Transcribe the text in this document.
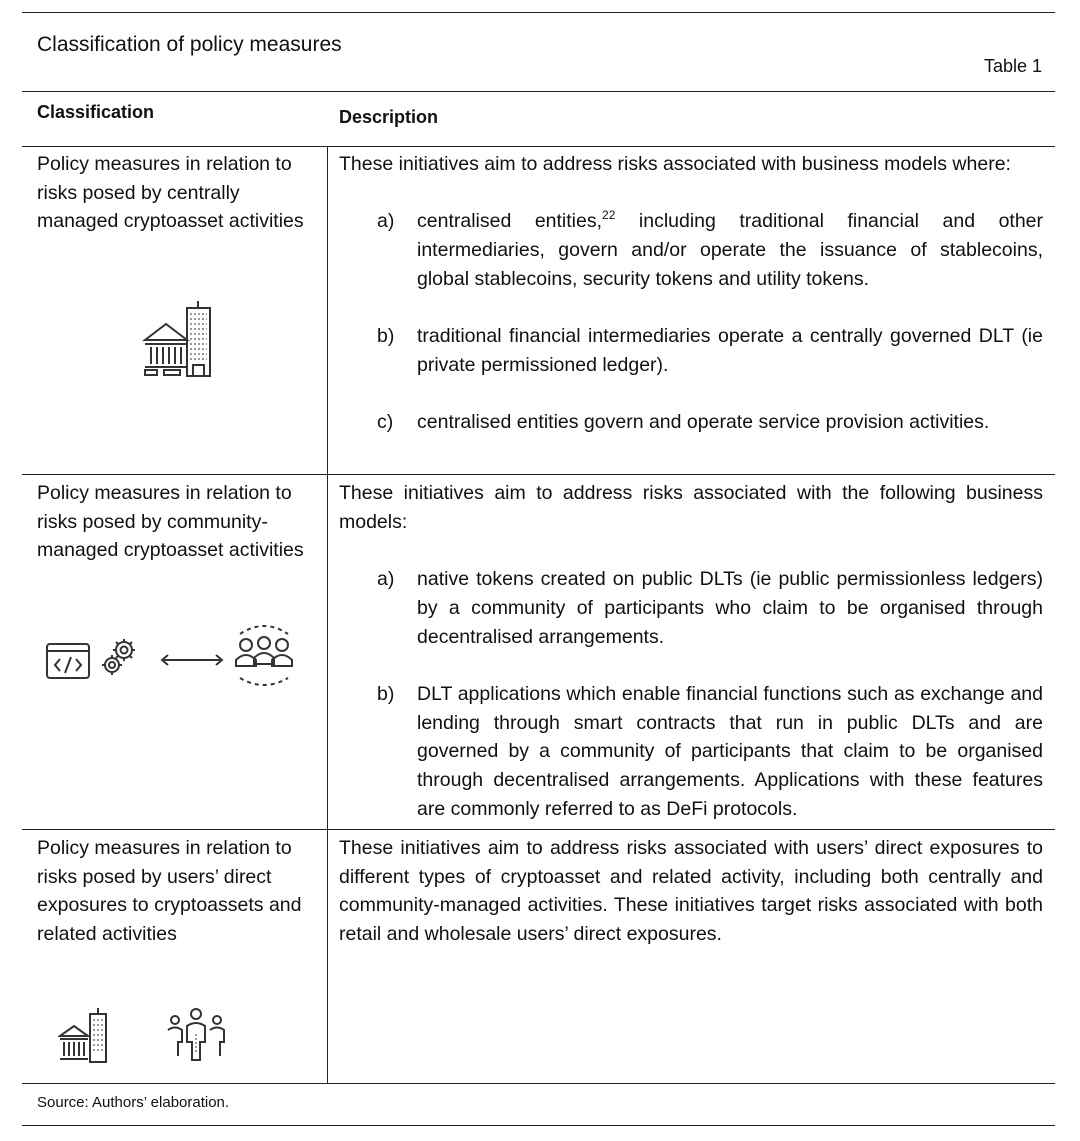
Classification of policy measures
Table 1
Classification	Description
Policy measures in relation to risks posed by centrally managed cryptoasset activities

These initiatives aim to address risks associated with business models where:

a) centralised entities,$^{22}$ including traditional financial and other intermediaries, govern and/or operate the issuance of stablecoins, global stablecoins, security tokens and utility tokens.
b) traditional financial intermediaries operate a centrally governed DLT (ie private permissioned ledger).
c) centralised entities govern and operate service provision activities.
Policy measures in relation to risks posed by community-managed cryptoasset activities

These initiatives aim to address risks associated with the following business models:

a) native tokens created on public DLTs (ie public permissionless ledgers) by a community of participants who claim to be organised through decentralised arrangements.
b) DLT applications which enable financial functions such as exchange and lending through smart contracts that run in public DLTs and are governed by a community of participants that claim to be organised through decentralised arrangements. Applications with these features are commonly referred to as DeFi protocols.
Policy measures in relation to risks posed by users’ direct exposures to cryptoassets and related activities

These initiatives aim to address risks associated with users’ direct exposures to different types of cryptoasset and related activity, including both centrally and community-managed activities. These initiatives target risks associated with both retail and wholesale users’ direct exposures.

Source: Authors’ elaboration.
